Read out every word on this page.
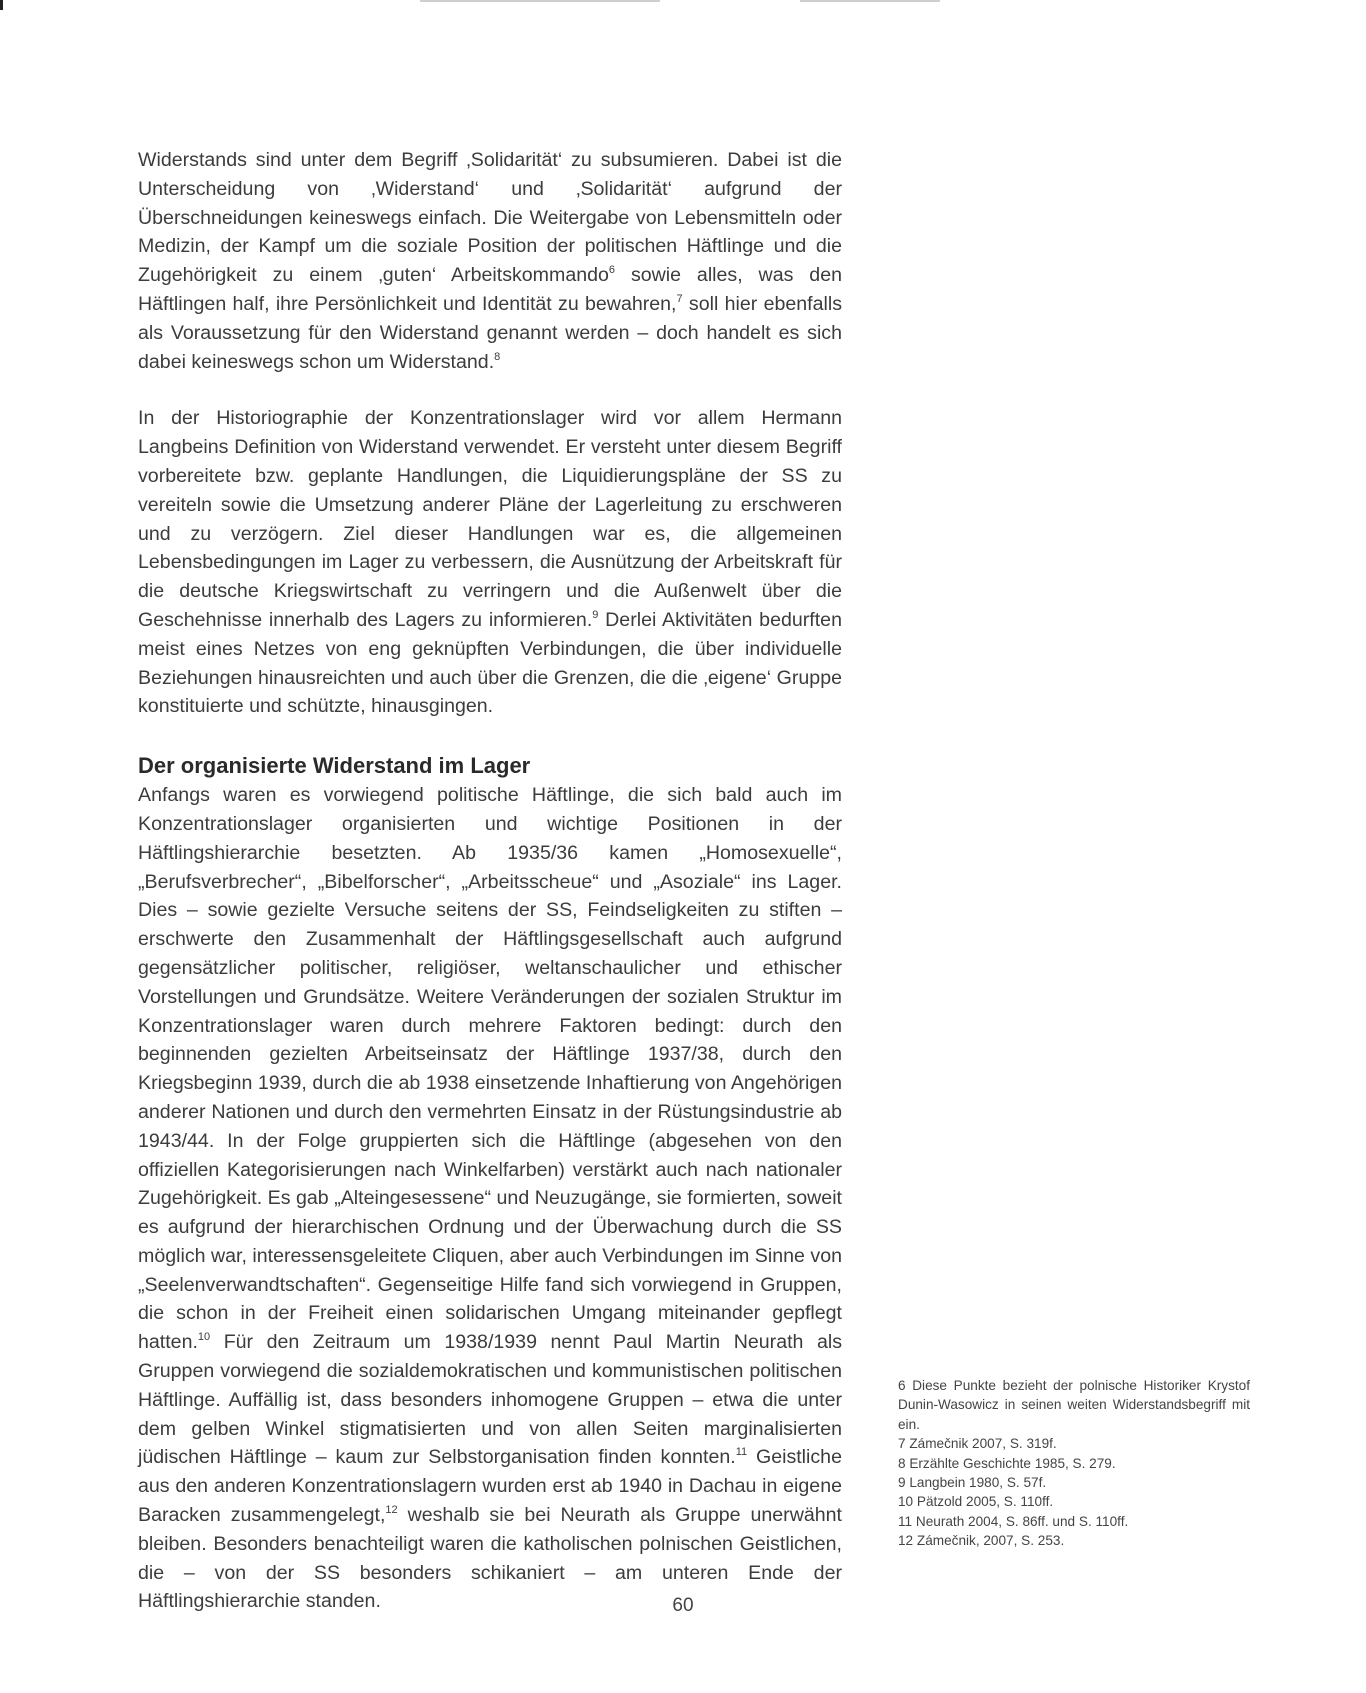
Widerstands sind unter dem Begriff ‚Solidarität‘ zu subsumieren. Dabei ist die Unterscheidung von ‚Widerstand‘ und ‚Solidarität‘ aufgrund der Überschneidungen keineswegs einfach. Die Weitergabe von Lebensmitteln oder Medizin, der Kampf um die soziale Position der politischen Häftlinge und die Zugehörigkeit zu einem ‚guten‘ Arbeitskommando$^6$ sowie alles, was den Häftlingen half, ihre Persönlichkeit und Identität zu bewahren,$^7$ soll hier ebenfalls als Voraussetzung für den Widerstand genannt werden – doch handelt es sich dabei keineswegs schon um Widerstand.$^8$

In der Historiographie der Konzentrationslager wird vor allem Hermann Langbeins Definition von Widerstand verwendet. Er versteht unter diesem Begriff vorbereitete bzw. geplante Handlungen, die Liquidierungspläne der SS zu vereiteln sowie die Umsetzung anderer Pläne der Lagerleitung zu erschweren und zu verzögern. Ziel dieser Handlungen war es, die allgemeinen Lebensbedingungen im Lager zu verbessern, die Ausnützung der Arbeitskraft für die deutsche Kriegswirtschaft zu verringern und die Außenwelt über die Geschehnisse innerhalb des Lagers zu informieren.$^9$ Derlei Aktivitäten bedurften meist eines Netzes von eng geknüpften Verbindungen, die über individuelle Beziehungen hinausreichten und auch über die Grenzen, die die ‚eigene‘ Gruppe konstituierte und schützte, hinausgingen.

Der organisierte Widerstand im Lager

Anfangs waren es vorwiegend politische Häftlinge, die sich bald auch im Konzentrationslager organisierten und wichtige Positionen in der Häftlingshierarchie besetzten. Ab 1935/36 kamen „Homosexuelle“, „Berufsverbrecher“, „Bibelforscher“, „Arbeitsscheue“ und „Asoziale“ ins Lager. Dies – sowie gezielte Versuche seitens der SS, Feindseligkeiten zu stiften – erschwerte den Zusammenhalt der Häftlingsgesellschaft auch aufgrund gegensätzlicher politischer, religiöser, weltanschaulicher und ethischer Vorstellungen und Grundsätze. Weitere Veränderungen der sozialen Struktur im Konzentrationslager waren durch mehrere Faktoren bedingt: durch den beginnenden gezielten Arbeitseinsatz der Häftlinge 1937/38, durch den Kriegsbeginn 1939, durch die ab 1938 einsetzende Inhaftierung von Angehörigen anderer Nationen und durch den vermehrten Einsatz in der Rüstungsindustrie ab 1943/44. In der Folge gruppierten sich die Häftlinge (abgesehen von den offiziellen Kategorisierungen nach Winkelfarben) verstärkt auch nach nationaler Zugehörigkeit. Es gab „Alteingesessene“ und Neuzugänge, sie formierten, soweit es aufgrund der hierarchischen Ordnung und der Überwachung durch die SS möglich war, interessensgeleitete Cliquen, aber auch Verbindungen im Sinne von „Seelenverwandtschaften“. Gegenseitige Hilfe fand sich vorwiegend in Gruppen, die schon in der Freiheit einen solidarischen Umgang miteinander gepflegt hatten.$^{10}$ Für den Zeitraum um 1938/1939 nennt Paul Martin Neurath als Gruppen vorwiegend die sozialdemokratischen und kommunistischen politischen Häftlinge. Auffällig ist, dass besonders inhomogene Gruppen – etwa die unter dem gelben Winkel stigmatisierten und von allen Seiten marginalisierten jüdischen Häftlinge – kaum zur Selbstorganisation finden konnten.$^{11}$ Geistliche aus den anderen Konzentrationslagern wurden erst ab 1940 in Dachau in eigene Baracken zusammengelegt,$^{12}$ weshalb sie bei Neurath als Gruppe unerwähnt bleiben. Besonders benachteiligt waren die katholischen polnischen Geistlichen, die – von der SS besonders schikaniert – am unteren Ende der Häftlingshierarchie standen.

6 Diese Punkte bezieht der polnische Historiker Krystof Dunin-Wasowicz in seinen weiten Widerstandsbegriff mit ein.

7 Zámečnik 2007, S. 319f.

8 Erzählte Geschichte 1985, S. 279.

9 Langbein 1980, S. 57f.

10 Pätzold 2005, S. 110ff.

11 Neurath 2004, S. 86ff. und S. 110ff.

12 Zámečnik, 2007, S. 253.

60
